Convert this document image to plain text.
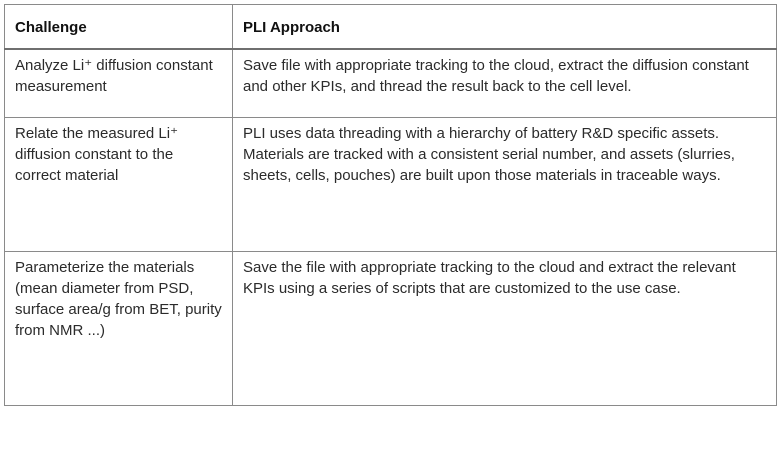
Challenge	PLI Approach
Analyze Li⁺ diffusion constant measurement	Save file with appropriate tracking to the cloud, extract the diffusion constant and other KPIs, and thread the result back to the cell level.
Relate the measured Li⁺ diffusion constant to the correct material	PLI uses data threading with a hierarchy of battery R&D specific assets. Materials are tracked with a consistent serial number, and assets (slurries, sheets, cells, pouches) are built upon those materials in traceable ways.
Parameterize the materials (mean diameter from PSD, surface area/g from BET, purity from NMR ...)	Save the file with appropriate tracking to the cloud and extract the relevant KPIs using a series of scripts that are customized to the use case.
